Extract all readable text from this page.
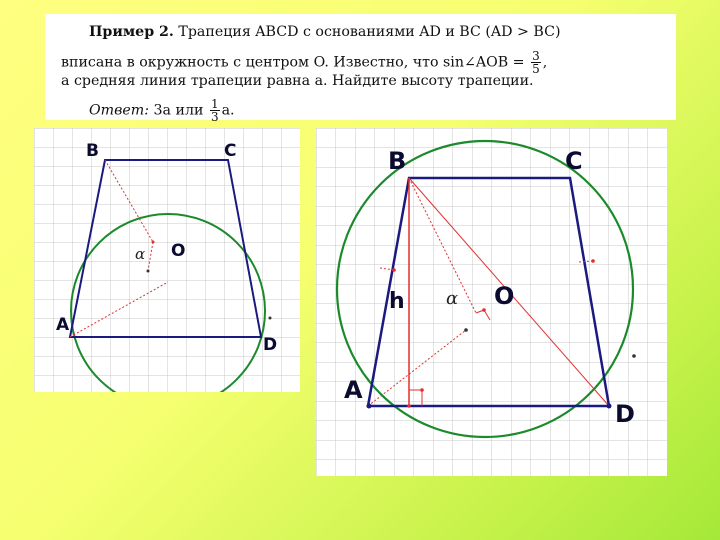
Пример 2. Трапеция ABCD с основаниями AD и BC (AD > BC)
вписана в окружность с центром O. Известно, что sin∠AOB = $\frac{3}{5}$ ,
а средняя линия трапеции равна a. Найдите высоту трапеции.
Ответ: 3a или $\frac{1}{3} a$.
B	C
A
D
O
α
B	C
A
D
O
h α
